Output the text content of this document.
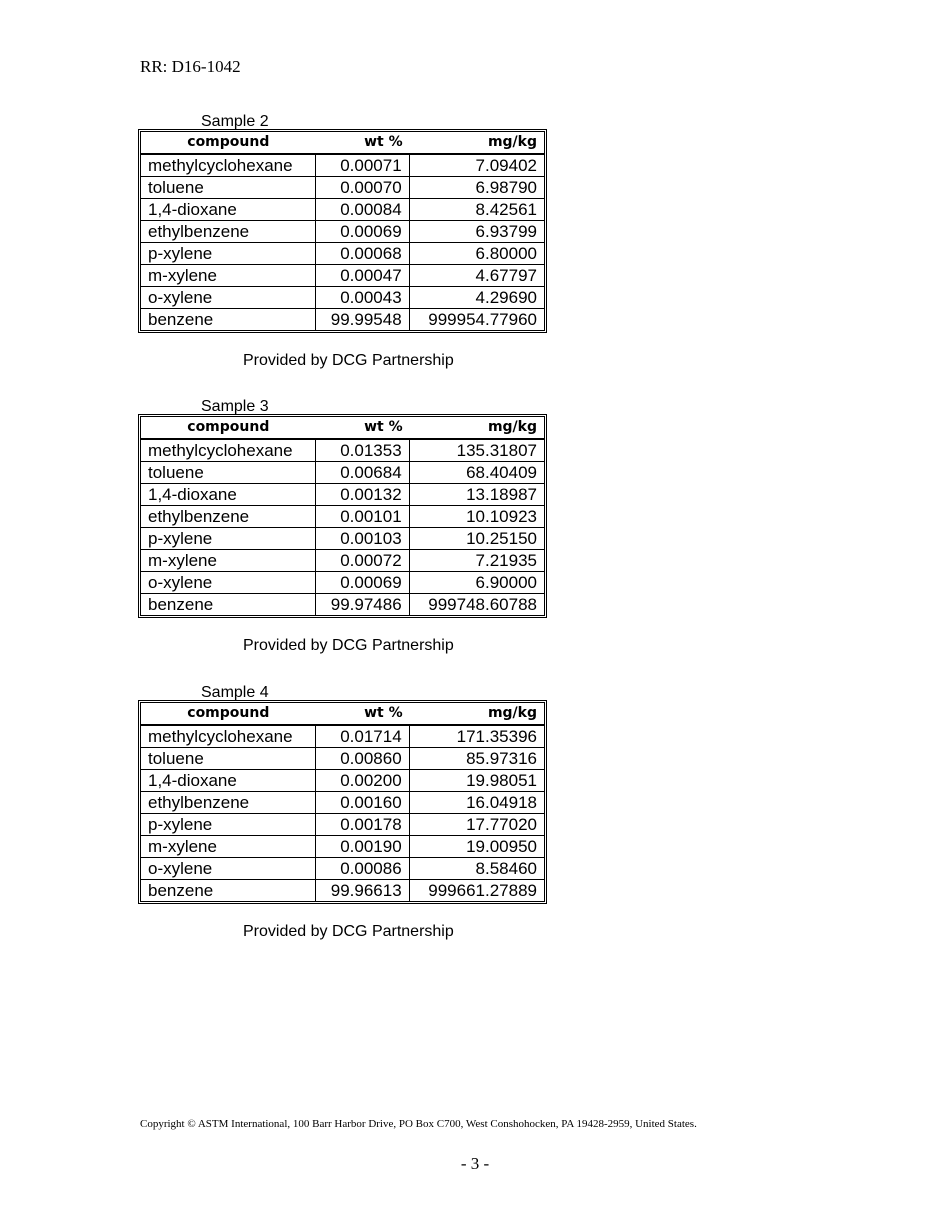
RR: D16-1042
Sample 2
compound	wt %	mg/kg
methylcyclohexane	0.00071	7.09402
toluene	0.00070	6.98790
1,4-dioxane	0.00084	8.42561
ethylbenzene	0.00069	6.93799
p-xylene	0.00068	6.80000
m-xylene	0.00047	4.67797
o-xylene	0.00043	4.29690
benzene	99.99548	999954.77960
Provided by DCG Partnership
Sample 3
compound	wt %	mg/kg
methylcyclohexane	0.01353	135.31807
toluene	0.00684	68.40409
1,4-dioxane	0.00132	13.18987
ethylbenzene	0.00101	10.10923
p-xylene	0.00103	10.25150
m-xylene	0.00072	7.21935
o-xylene	0.00069	6.90000
benzene	99.97486	999748.60788
Provided by DCG Partnership
Sample 4
compound	wt %	mg/kg
methylcyclohexane	0.01714	171.35396
toluene	0.00860	85.97316
1,4-dioxane	0.00200	19.98051
ethylbenzene	0.00160	16.04918
p-xylene	0.00178	17.77020
m-xylene	0.00190	19.00950
o-xylene	0.00086	8.58460
benzene	99.96613	999661.27889
Provided by DCG Partnership
Copyright © ASTM International, 100 Barr Harbor Drive, PO Box C700, West Conshohocken, PA 19428-2959, United States.
- 3 -
